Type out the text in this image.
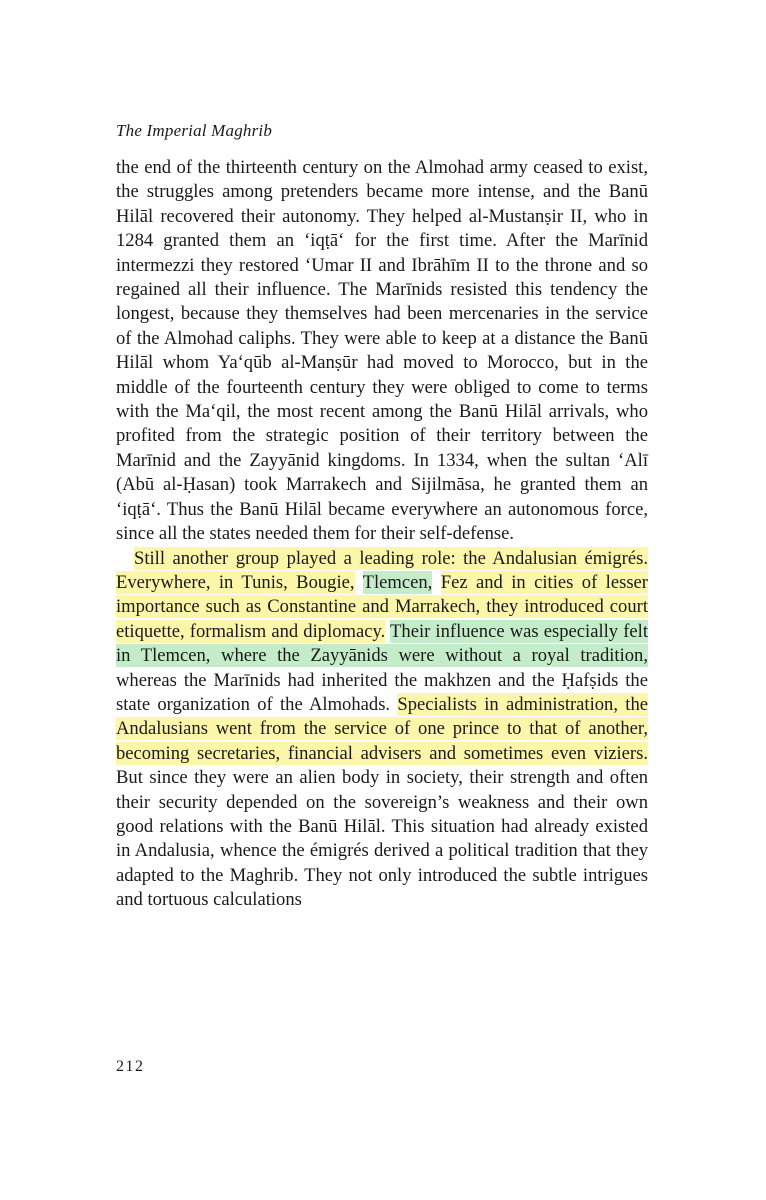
The Imperial Maghrib

the end of the thirteenth century on the Almohad army ceased to exist, the struggles among pretenders became more intense, and the Banū Hilāl recovered their autonomy. They helped al-Mustanṣir II, who in 1284 granted them an ‘iqṭā‘ for the first time. After the Marīnid intermezzi they restored ‘Umar II and Ibrāhīm II to the throne and so regained all their influence. The Marīnids resisted this tendency the longest, because they themselves had been mercenaries in the service of the Almohad caliphs. They were able to keep at a distance the Banū Hilāl whom Ya‘qūb al-Manṣūr had moved to Morocco, but in the middle of the fourteenth century they were obliged to come to terms with the Ma‘qil, the most recent among the Banū Hilāl arrivals, who profited from the strategic position of their territory between the Marīnid and the Zayyānid kingdoms. In 1334, when the sultan ‘Alī (Abū al-Ḥasan) took Marrakech and Sijilmāsa, he granted them an ‘iqṭā‘. Thus the Banū Hilāl became everywhere an autonomous force, since all the states needed them for their self-defense.

Still another group played a leading role: the Andalusian émigrés. Everywhere, in Tunis, Bougie, Tlemcen, Fez and in cities of lesser importance such as Constantine and Marrakech, they introduced court etiquette, formalism and diplomacy. Their influence was especially felt in Tlemcen, where the Zayyānids were without a royal tradition, whereas the Marīnids had inherited the makhzen and the Ḥafṣids the state organization of the Almohads. Specialists in administration, the Andalusians went from the service of one prince to that of another, becoming secretaries, financial advisers and sometimes even viziers. But since they were an alien body in society, their strength and often their security depended on the sovereign’s weakness and their own good relations with the Banū Hilāl. This situation had already existed in Andalusia, whence the émigrés derived a political tradition that they adapted to the Maghrib. They not only introduced the subtle intrigues and tortuous calculations

212
